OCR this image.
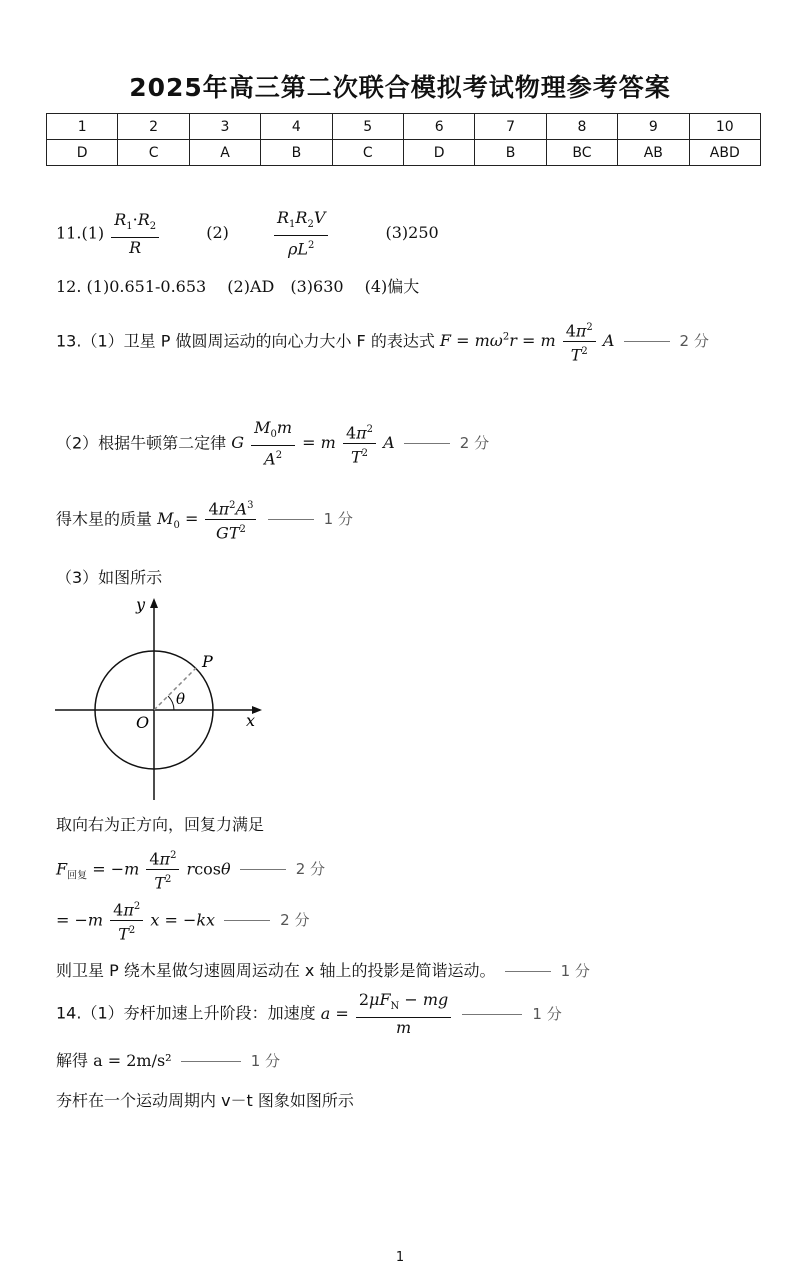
2025年高三第二次联合模拟考试物理参考答案
1	2	3	4	5	6	7	8	9	10
D	C	A	B	C	D	B	BC	AB	ABD
$11.(1) \frac{R_1\cdot R_2}{R}$	(2)	$\frac{R_1R_2V}{\rho L^2}$	(3)250
12. (1)0.651-0.653　 (2)AD　(3)630　 (4)偏大
13.（1）卫星 P 做圆周运动的向心力大小 F 的表达式 $F = m\omega^2r = m \frac{4\pi^2}{T^2}$ A	2 分
（2）根据牛顿第二定律 G $\frac{M_0m}{A^2} = m \frac{4\pi^2}{T^2}$ A	2 分
得木星的质量 $M_0 = \frac{4\pi^2A^3}{GT^2}$	1 分
（3）如图所示
y
x
O
P
θ
取向右为正方向，回复力满足
$F_{回复} = -m \frac{4\pi^2}{T^2}$ rcosθ	2 分
= $-m \frac{4\pi^2}{T^2}$ x = −kx	2 分
则卫星 P 绕木星做匀速圆周运动在 x 轴上的投影是简谐运动。	1 分
14.（1）夯杆加速上升阶段：加速度 $a = \frac{2\mu F_N - mg}{m}$	1 分
解得 a = 2m/s²	1 分
夯杆在一个运动周期内 v－t 图象如图所示
1
